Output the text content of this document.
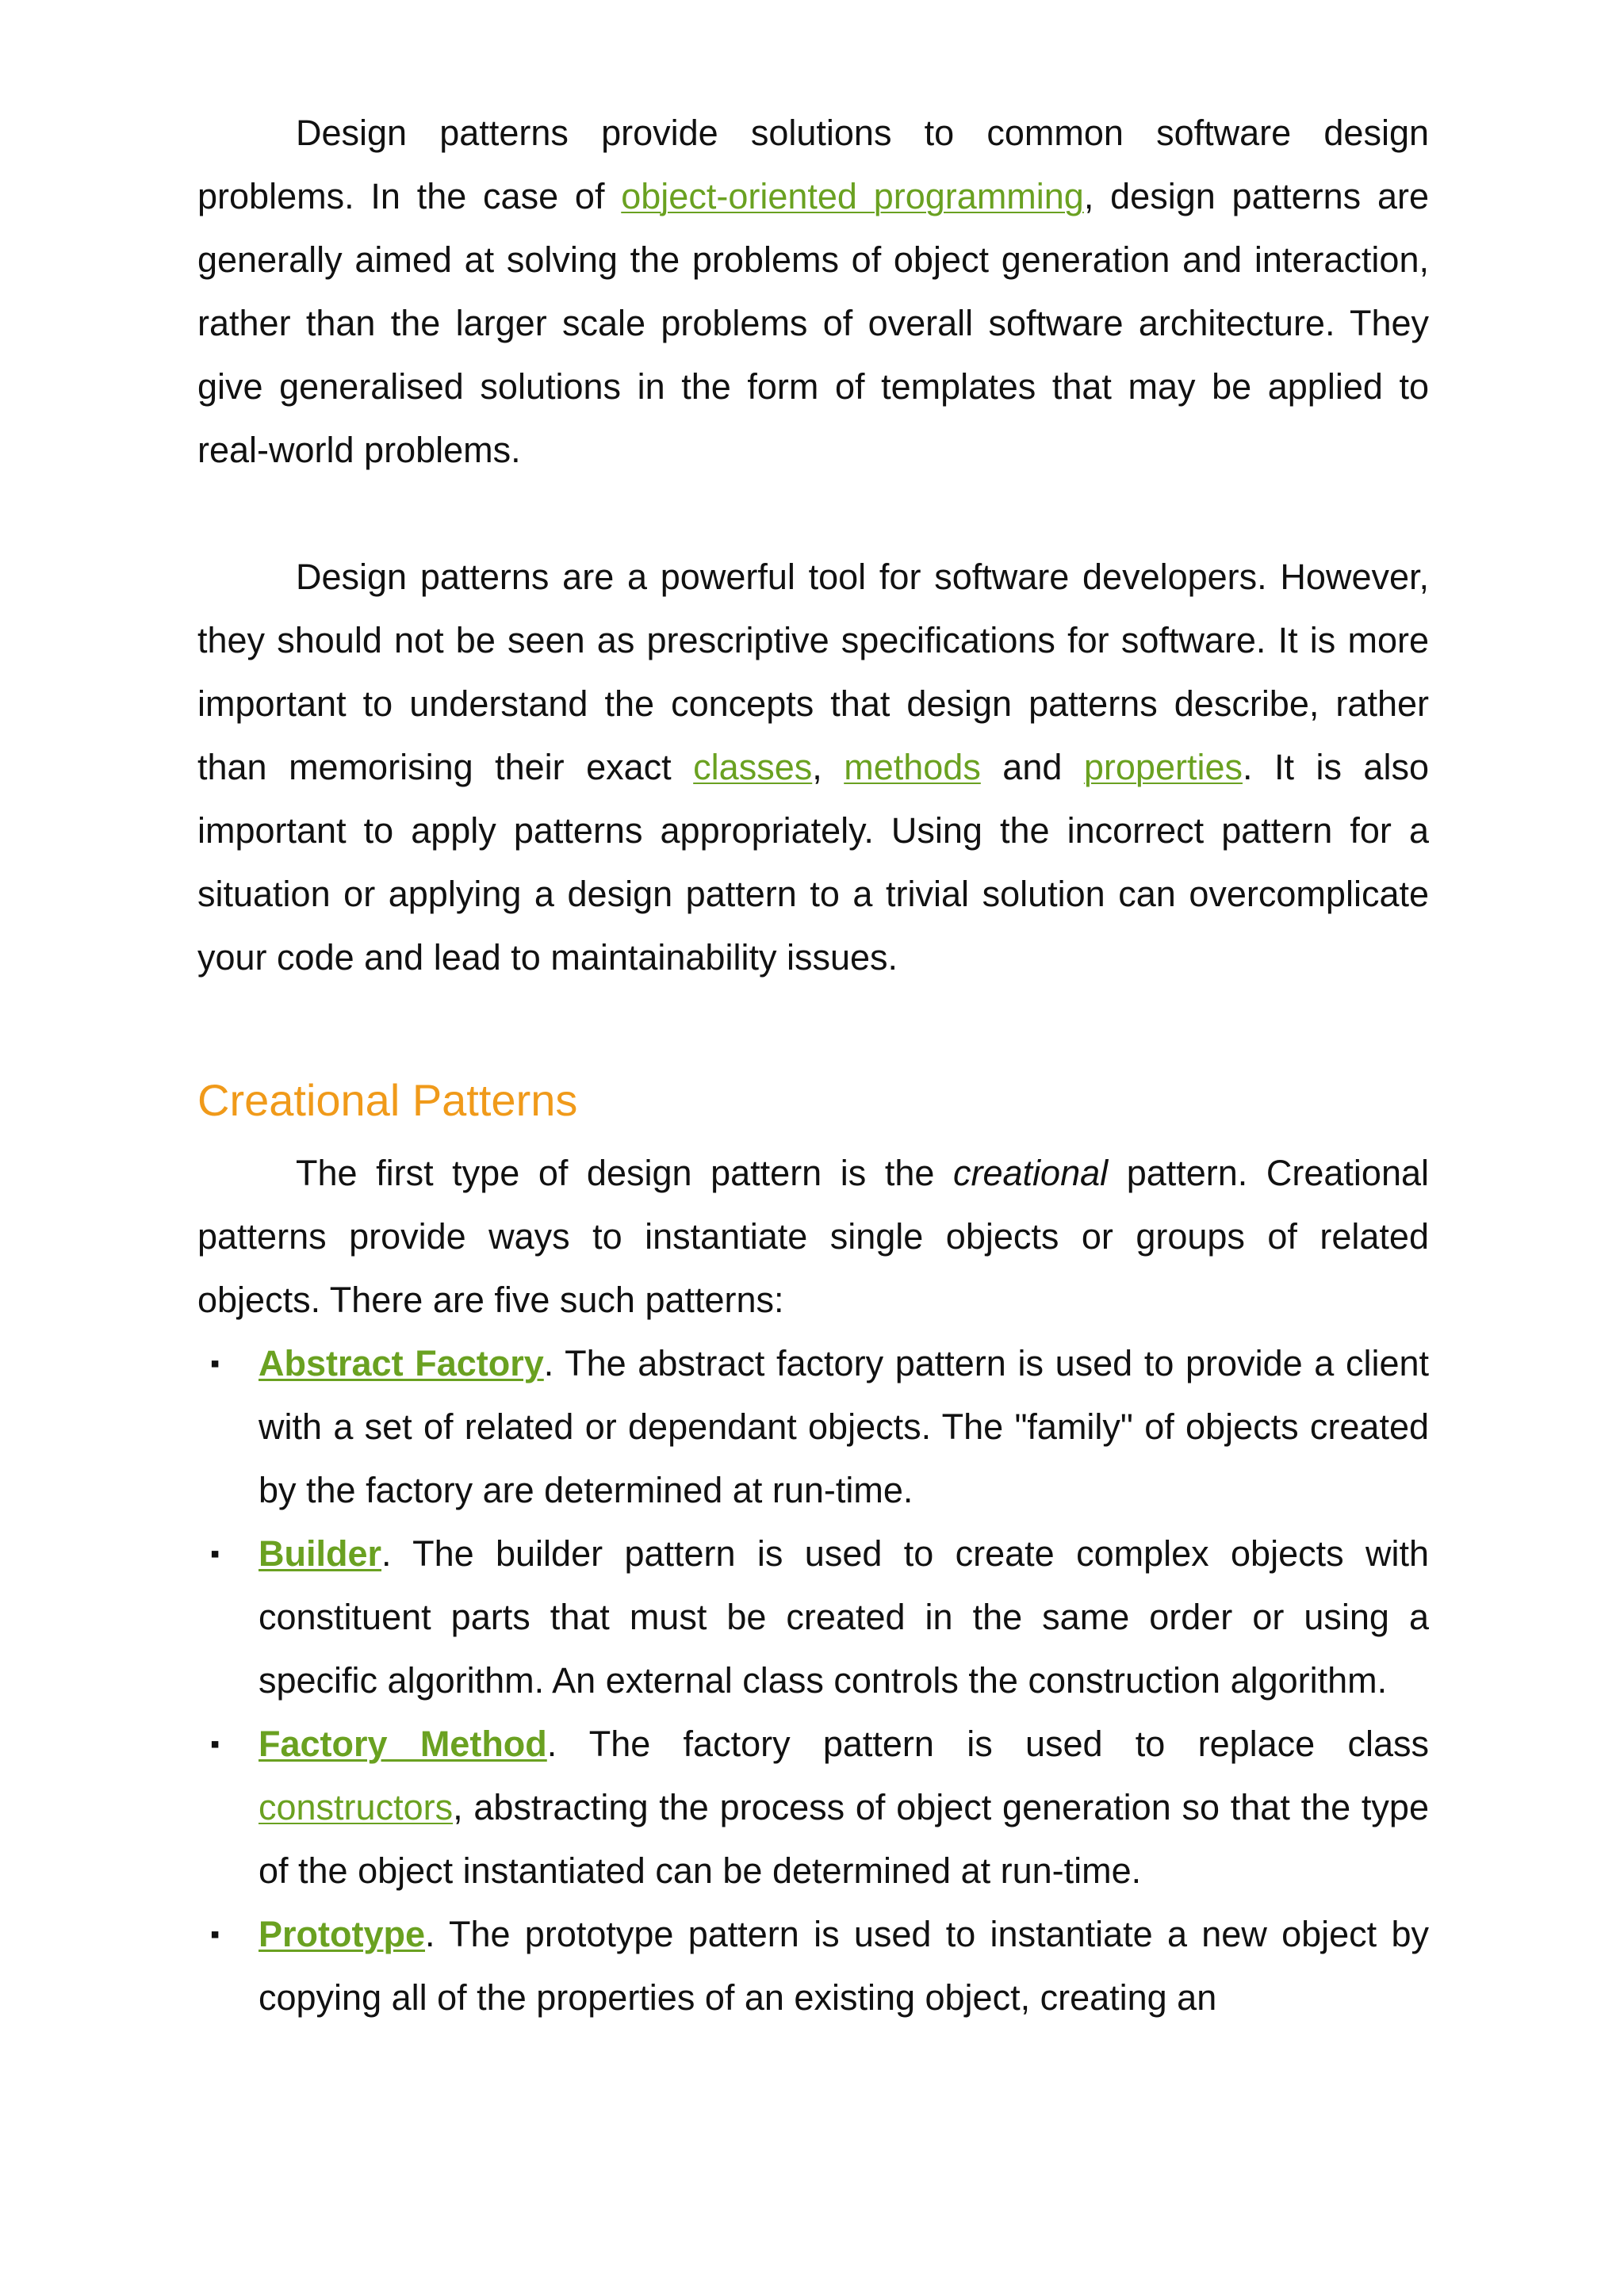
Design patterns provide solutions to common software design problems. In the case of object-oriented programming, design patterns are generally aimed at solving the problems of object generation and interaction, rather than the larger scale problems of overall software architecture. They give generalised solutions in the form of templates that may be applied to real-world problems.

Design patterns are a powerful tool for software developers. However, they should not be seen as prescriptive specifications for software. It is more important to understand the concepts that design patterns describe, rather than memorising their exact classes, methods and properties. It is also important to apply patterns appropriately. Using the incorrect pattern for a situation or applying a design pattern to a trivial solution can overcomplicate your code and lead to maintainability issues.

Creational Patterns

The first type of design pattern is the creational pattern. Creational patterns provide ways to instantiate single objects or groups of related objects. There are five such patterns:

▪	Abstract Factory. The abstract factory pattern is used to provide a client with a set of related or dependant objects. The "family" of objects created by the factory are determined at run-time.
▪	Builder. The builder pattern is used to create complex objects with constituent parts that must be created in the same order or using a specific algorithm. An external class controls the construction algorithm.
▪	Factory Method. The factory pattern is used to replace class constructors, abstracting the process of object generation so that the type of the object instantiated can be determined at run-time.
▪	Prototype. The prototype pattern is used to instantiate a new object by copying all of the properties of an existing object, creating an
